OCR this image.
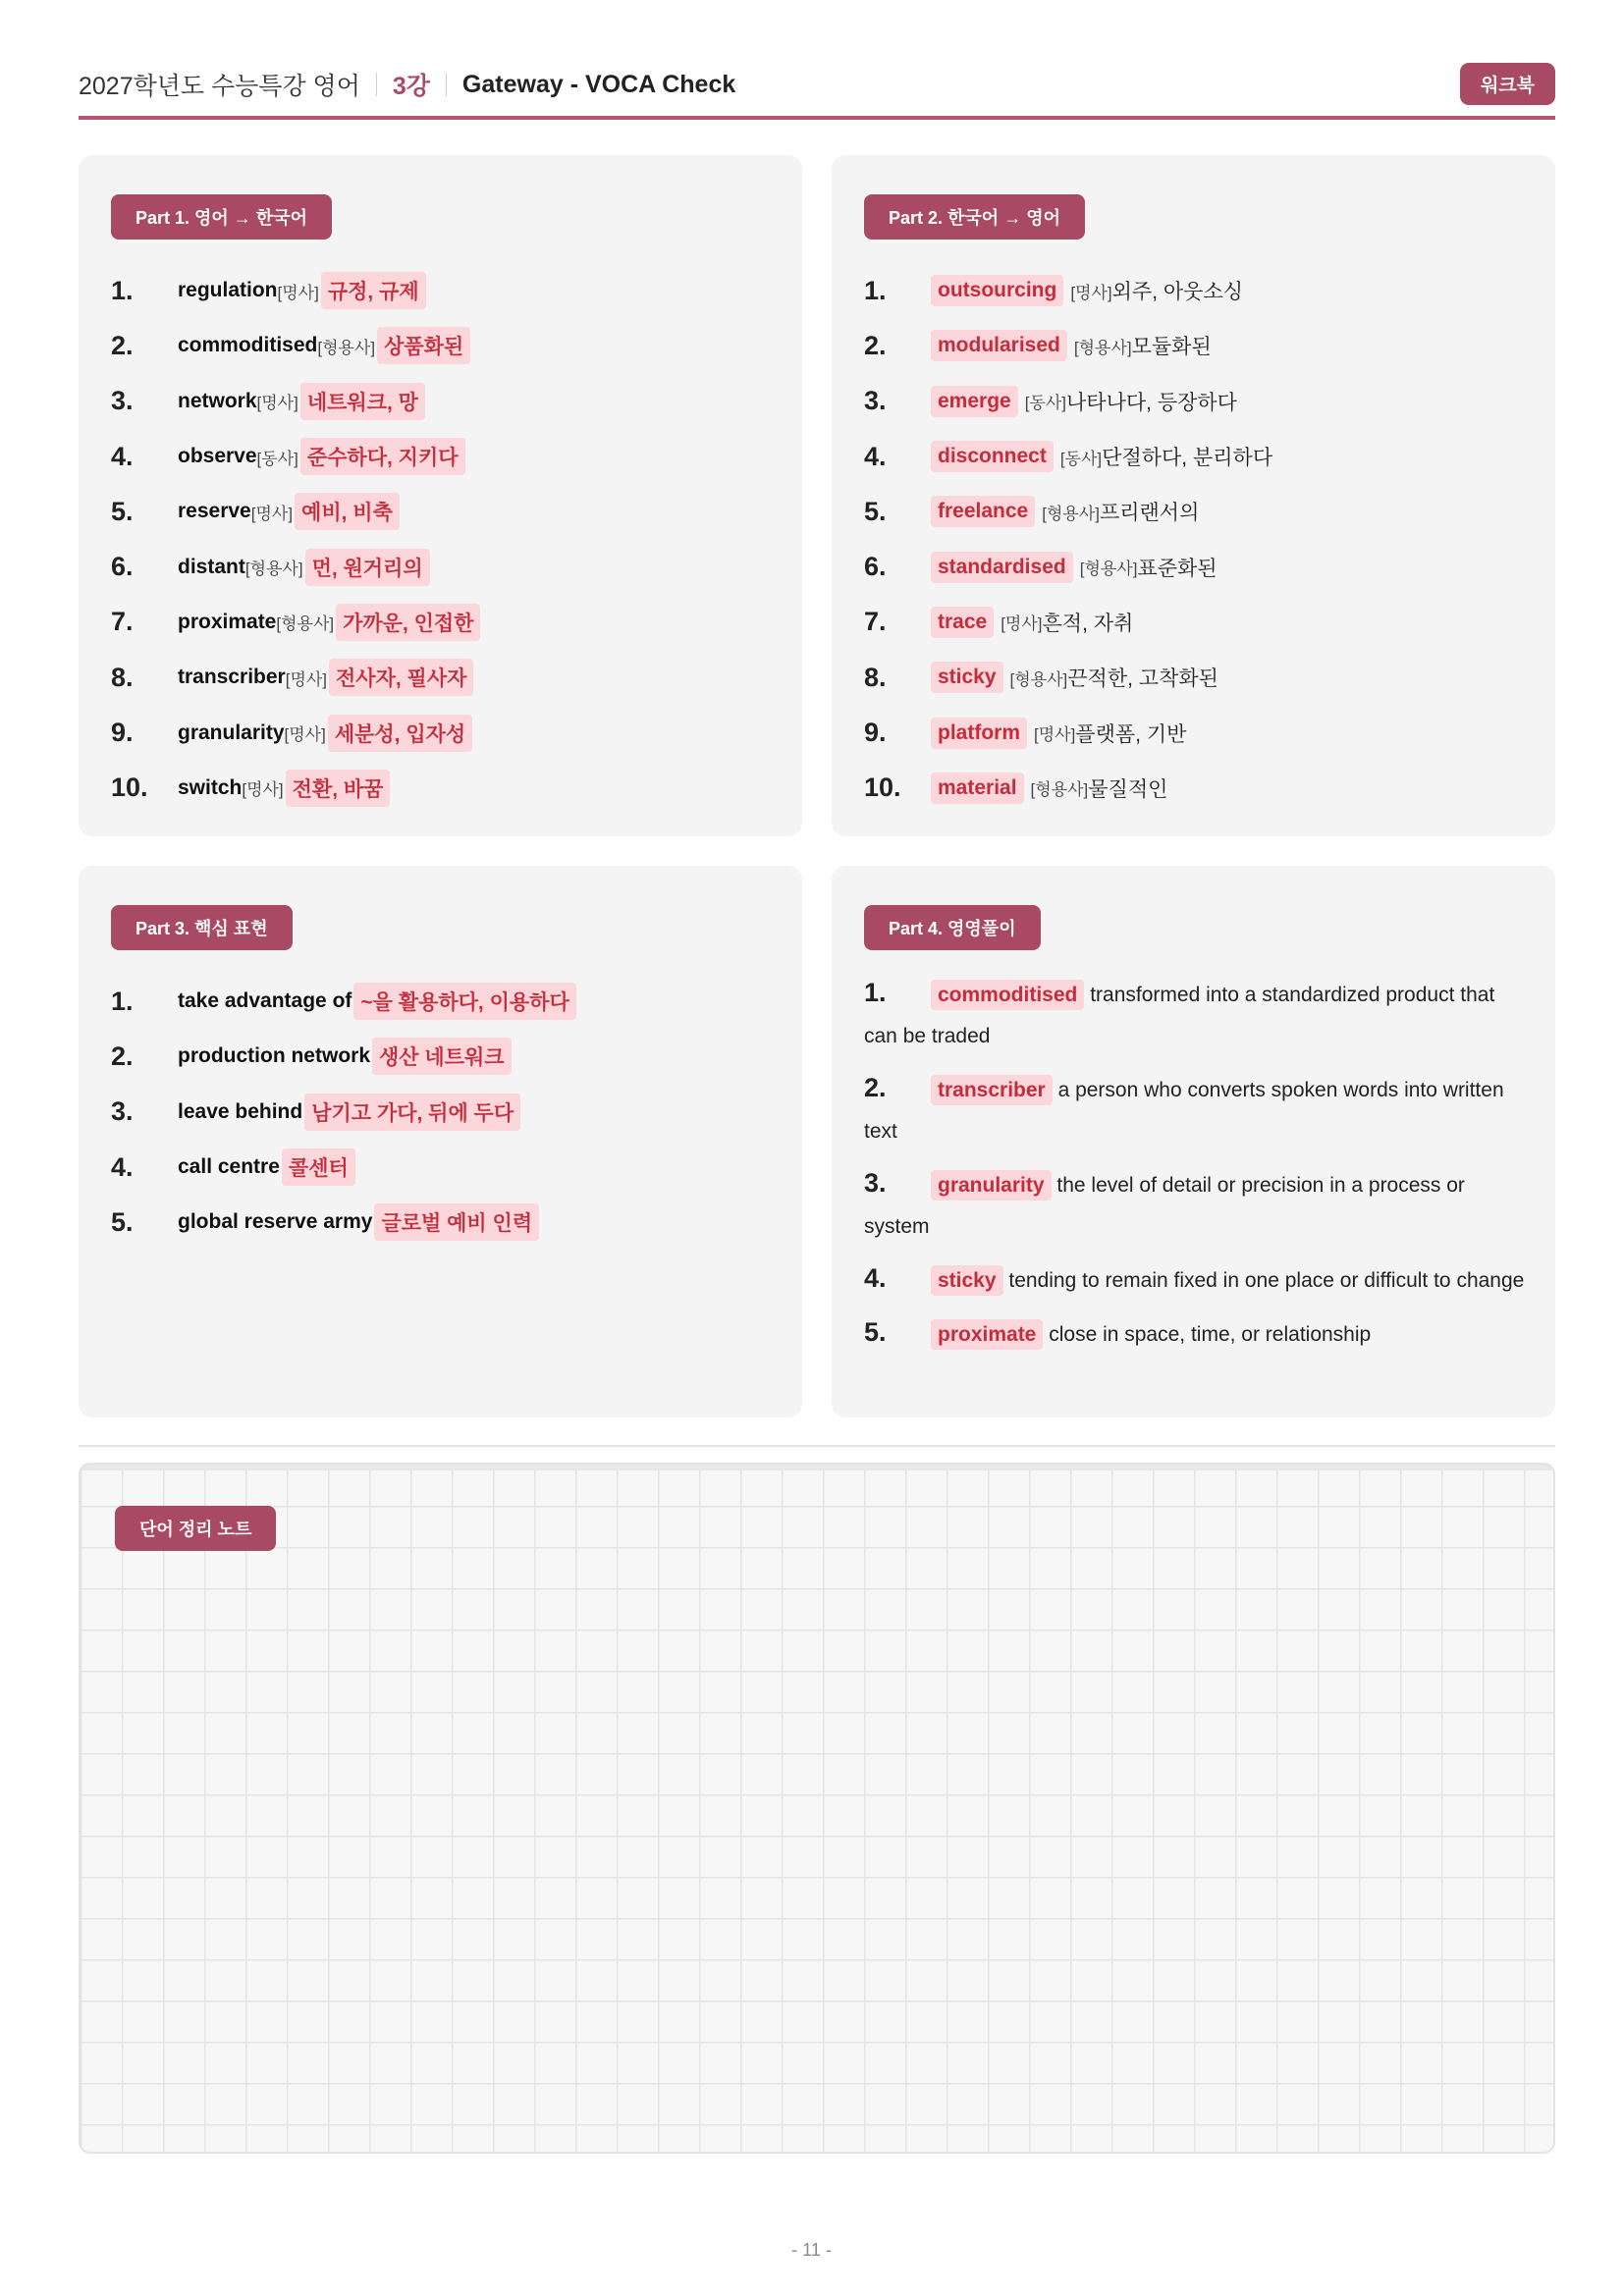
2027학년도 수능특강 영어 3강 Gateway - VOCA Check	워크북
Part 1. 영어 → 한국어
1.	regulation [명사] 규정, 규제
2.	commoditised [형용사] 상품화된
3.	network [명사] 네트워크, 망
4.	observe [동사] 준수하다, 지키다
5.	reserve [명사] 예비, 비축
6.	distant [형용사] 먼, 원거리의
7.	proximate [형용사] 가까운, 인접한
8.	transcriber [명사] 전사자, 필사자
9.	granularity [명사] 세분성, 입자성
10.	switch [명사] 전환, 바꿈
Part 2. 한국어 → 영어
1.	outsourcing [명사] 외주, 아웃소싱
2.	modularised [형용사] 모듈화된
3.	emerge [동사] 나타나다, 등장하다
4.	disconnect [동사] 단절하다, 분리하다
5.	freelance [형용사] 프리랜서의
6.	standardised [형용사] 표준화된
7.	trace [명사] 흔적, 자취
8.	sticky [형용사] 끈적한, 고착화된
9.	platform [명사] 플랫폼, 기반
10.	material [형용사] 물질적인
Part 3. 핵심 표현
1.	take advantage of ~을 활용하다, 이용하다
2.	production network 생산 네트워크
3.	leave behind 남기고 가다, 뒤에 두다
4.	call centre 콜센터
5.	global reserve army 글로벌 예비 인력
Part 4. 영영풀이
1. commoditised transformed into a standardized product that can be traded
2. transcriber a person who converts spoken words into written text
3. granularity the level of detail or precision in a process or system
4. sticky tending to remain fixed in one place or difficult to change
5. proximate close in space, time, or relationship
단어 정리 노트
- 11 -
